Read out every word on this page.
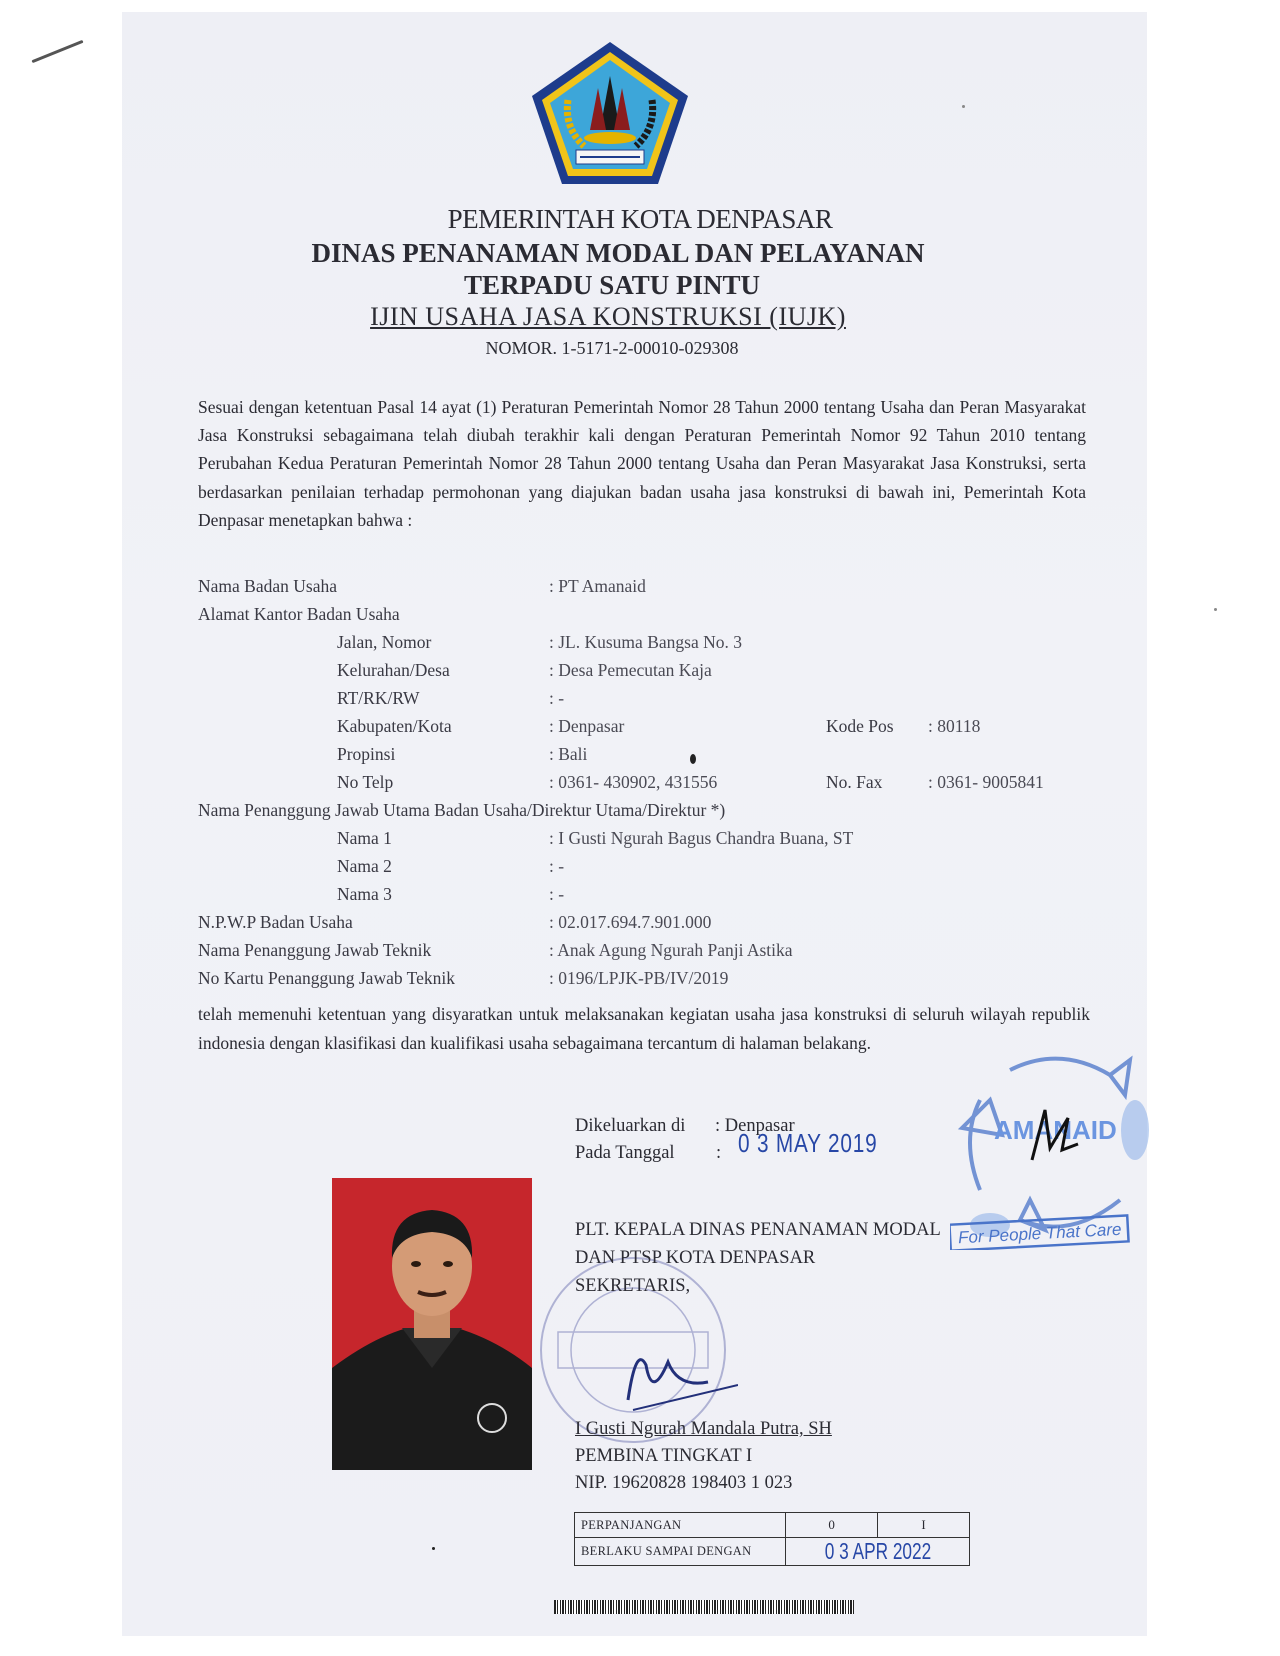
PEMERINTAH KOTA DENPASAR
DINAS PENANAMAN MODAL DAN PELAYANAN
TERPADU SATU PINTU
IJIN USAHA JASA KONSTRUKSI (IUJK)
NOMOR. 1-5171-2-00010-029308
Sesuai dengan ketentuan Pasal 14 ayat (1) Peraturan Pemerintah Nomor 28 Tahun 2000 tentang Usaha dan Peran Masyarakat Jasa Konstruksi sebagaimana telah diubah terakhir kali dengan Peraturan Pemerintah Nomor 92 Tahun 2010 tentang Perubahan Kedua Peraturan Pemerintah Nomor 28 Tahun 2000 tentang Usaha dan Peran Masyarakat Jasa Konstruksi, serta berdasarkan penilaian terhadap permohonan yang diajukan badan usaha jasa konstruksi di bawah ini, Pemerintah Kota Denpasar menetapkan bahwa :
Nama Badan Usaha	: PT Amanaid
Alamat Kantor Badan Usaha
Jalan, Nomor	: JL. Kusuma Bangsa No. 3
Kelurahan/Desa	: Desa Pemecutan Kaja
RT/RK/RW	: -
Kabupaten/Kota	: Denpasar	Kode Pos : 80118
Propinsi	: Bali
No Telp	: 0361- 430902, 431556	No. Fax	: 0361- 9005841
Nama Penanggung Jawab Utama Badan Usaha/Direktur Utama/Direktur *)
Nama 1	: I Gusti Ngurah Bagus Chandra Buana, ST
Nama 2	: -
Nama 3	: -
N.P.W.P Badan Usaha	: 02.017.694.7.901.000
Nama Penanggung Jawab Teknik	: Anak Agung Ngurah Panji Astika
No Kartu Penanggung Jawab Teknik	: 0196/LPJK-PB/IV/2019
telah memenuhi ketentuan yang disyaratkan untuk melaksanakan kegiatan usaha jasa konstruksi di seluruh wilayah republik indonesia dengan klasifikasi dan kualifikasi usaha sebagaimana tercantum di halaman belakang.
Dikeluarkan di : Denpasar
Pada Tanggal : 0 3 MAY 2019	AMANAID
For People That Care
PLT. KEPALA DINAS PENANAMAN MODAL
DAN PTSP KOTA DENPASAR
SEKRETARIS,
I Gusti Ngurah Mandala Putra, SH
PEMBINA TINGKAT I
NIP. 19620828 198403 1 023
PERPANJANGAN	0	I
BERLAKU SAMPAI DENGAN	0 3 APR 2022	
